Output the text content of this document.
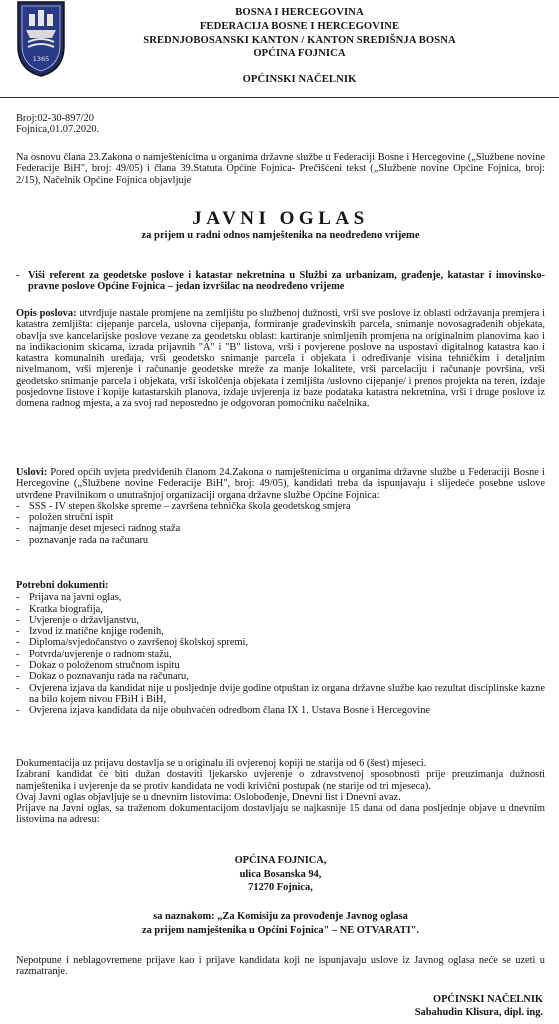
1365
BOSNA I HERCEGOVINA
FEDERACIJA BOSNE I HERCEGOVINE
SREDNJOBOSANSKI KANTON / KANTON SREDIŠNJA BOSNA
OPĆINA FOJNICA
OPĆINSKI NAČELNIK
Broj:02-30-897/20
Fojnica,01.07.2020.
Na osnovu člana 23.Zakona o namještenicima u organima državne službe u Federaciji Bosne i Hercegovine („Službene novine Federacije BiH", broj: 49/05) i člana 39.Statuta Općine Fojnica- Prečišćeni tekst („Službene novine Općine Fojnica, broj: 2/15), Načelnik Općine Fojnica objavljuje
JAVNI OGLAS
za prijem u radni odnos namještenika na neodređeno vrijeme
- Viši referent za geodetske poslove i katastar nekretnina u Službi za urbanizam, građenje, katastar i imovinsko-pravne poslove Općine Fojnica – jedan izvršilac na neodređeno vrijeme
Opis poslova: utvrdjuje nastale promjene na zemljištu po službenoj dužnosti, vrši sve poslove iz oblasti održavanja premjera i katastra zemljišta: cijepanje parcela, uslovna cijepanja, formiranje građevinskih parcela, snimanje novosagrađenih objekata, obavlja sve kancelarijske poslove vezane za geodetsku oblast: kartiranje snimljenih promjena na originalnim planovima kao i na indikacionim skicama, izrada prijavnih "A" i "B" listova, vrši i povjerene poslove na uspostavi digitalnog katastra kao i katastra komunalnih uređaja, vrši geodetsko snimanje parcela i objekata i određivanje visina tehničkim i detaljnim nivelmanom, vrši mjerenje i računanje geodetske mreže za manje lokalitete, vrši parcelaciju i računanje površina, vrši geodetsko snimanje parcela i objekata, vrši iskolčenja objekata i zemljišta /uslovno cijepanje/ i prenos projekta na teren, izdaje posjedovne listove i kopije katastarskih planova, izdaje uvjerenja iz baze podataka katastra nekretnina, vrši i druge poslove iz domena radnog mjesta, a za svoj rad neposredno je odgovoran pomoćniku načelnika.
Uslovi: Pored općih uvjeta predviđenih članom 24.Zakona o namještenicima u organima državne službe u Federaciji Bosne i Hercegovine („Službene novine Federacije BiH", broj: 49/05), kandidati treba da ispunjavaju i slijedeće posebne uslove utvrđene Pravilnikom o unutrašnjoj organizaciji organa državne službe Općine Fojnica:
- SSS - IV stepen školske spreme – završena tehnička škola geodetskog smjera
- položen stručni ispit
- najmanje deset mjeseci radnog staža
- poznavanje rada na računaru
Potrebni dokumenti:
- Prijava na javni oglas,
- Kratka biografija,
- Uvjerenje o državljanstvu,
- Izvod iz matične knjige rođenih,
- Diploma/svjedočanstvo o završenoj školskoj spremi,
- Potvrda/uvjerenje o radnom stažu,
- Dokaz o položenom stručnom ispitu
- Dokaz o poznavanju rada na računaru,
- Ovjerena izjava da kandidat nije u posljednje dvije godine otpuštan iz organa državne službe kao rezultat disciplinske kazne na bilo kojem nivou FBiH i BiH,
- Ovjerena izjava kandidata da nije obuhvaćen odredbom člana IX 1. Ustava Bosne i Hercegovine
Dokumentacija uz prijavu dostavlja se u originalu ili ovjerenoj kopiji ne starija od 6 (šest) mjeseci.
Izabrani kandidat će biti dužan dostaviti ljekarsko uvjerenje o zdravstvenoj sposobnosti prije preuzimanja dužnosti namještenika i uvjerenje da se protiv kandidata ne vodi krivični postupak (ne starije od tri mjeseca).
Ovaj Javni oglas objavljuje se u dnevnim listovima: Oslobođenje, Dnevni list i Dnevni avaz.
Prijave na Javni oglas, sa traženom dokumentacijom dostavljaju se najkasnije 15 dana od dana posljednje objave u dnevnim listovima na adresu:
OPĆINA FOJNICA,
ulica Bosanska 94,
71270 Fojnica,
sa naznakom: „Za Komisiju za provođenje Javnog oglasa
za prijem namještenika u Općini Fojnica" – NE OTVARATI".
Nepotpune i neblagovremene prijave kao i prijave kandidata koji ne ispunjavaju uslove iz Javnog oglasa neće se uzeti u razmatranje.
OPĆINSKI NAČELNIK
Sabahudin Klisura, dipl. ing.
